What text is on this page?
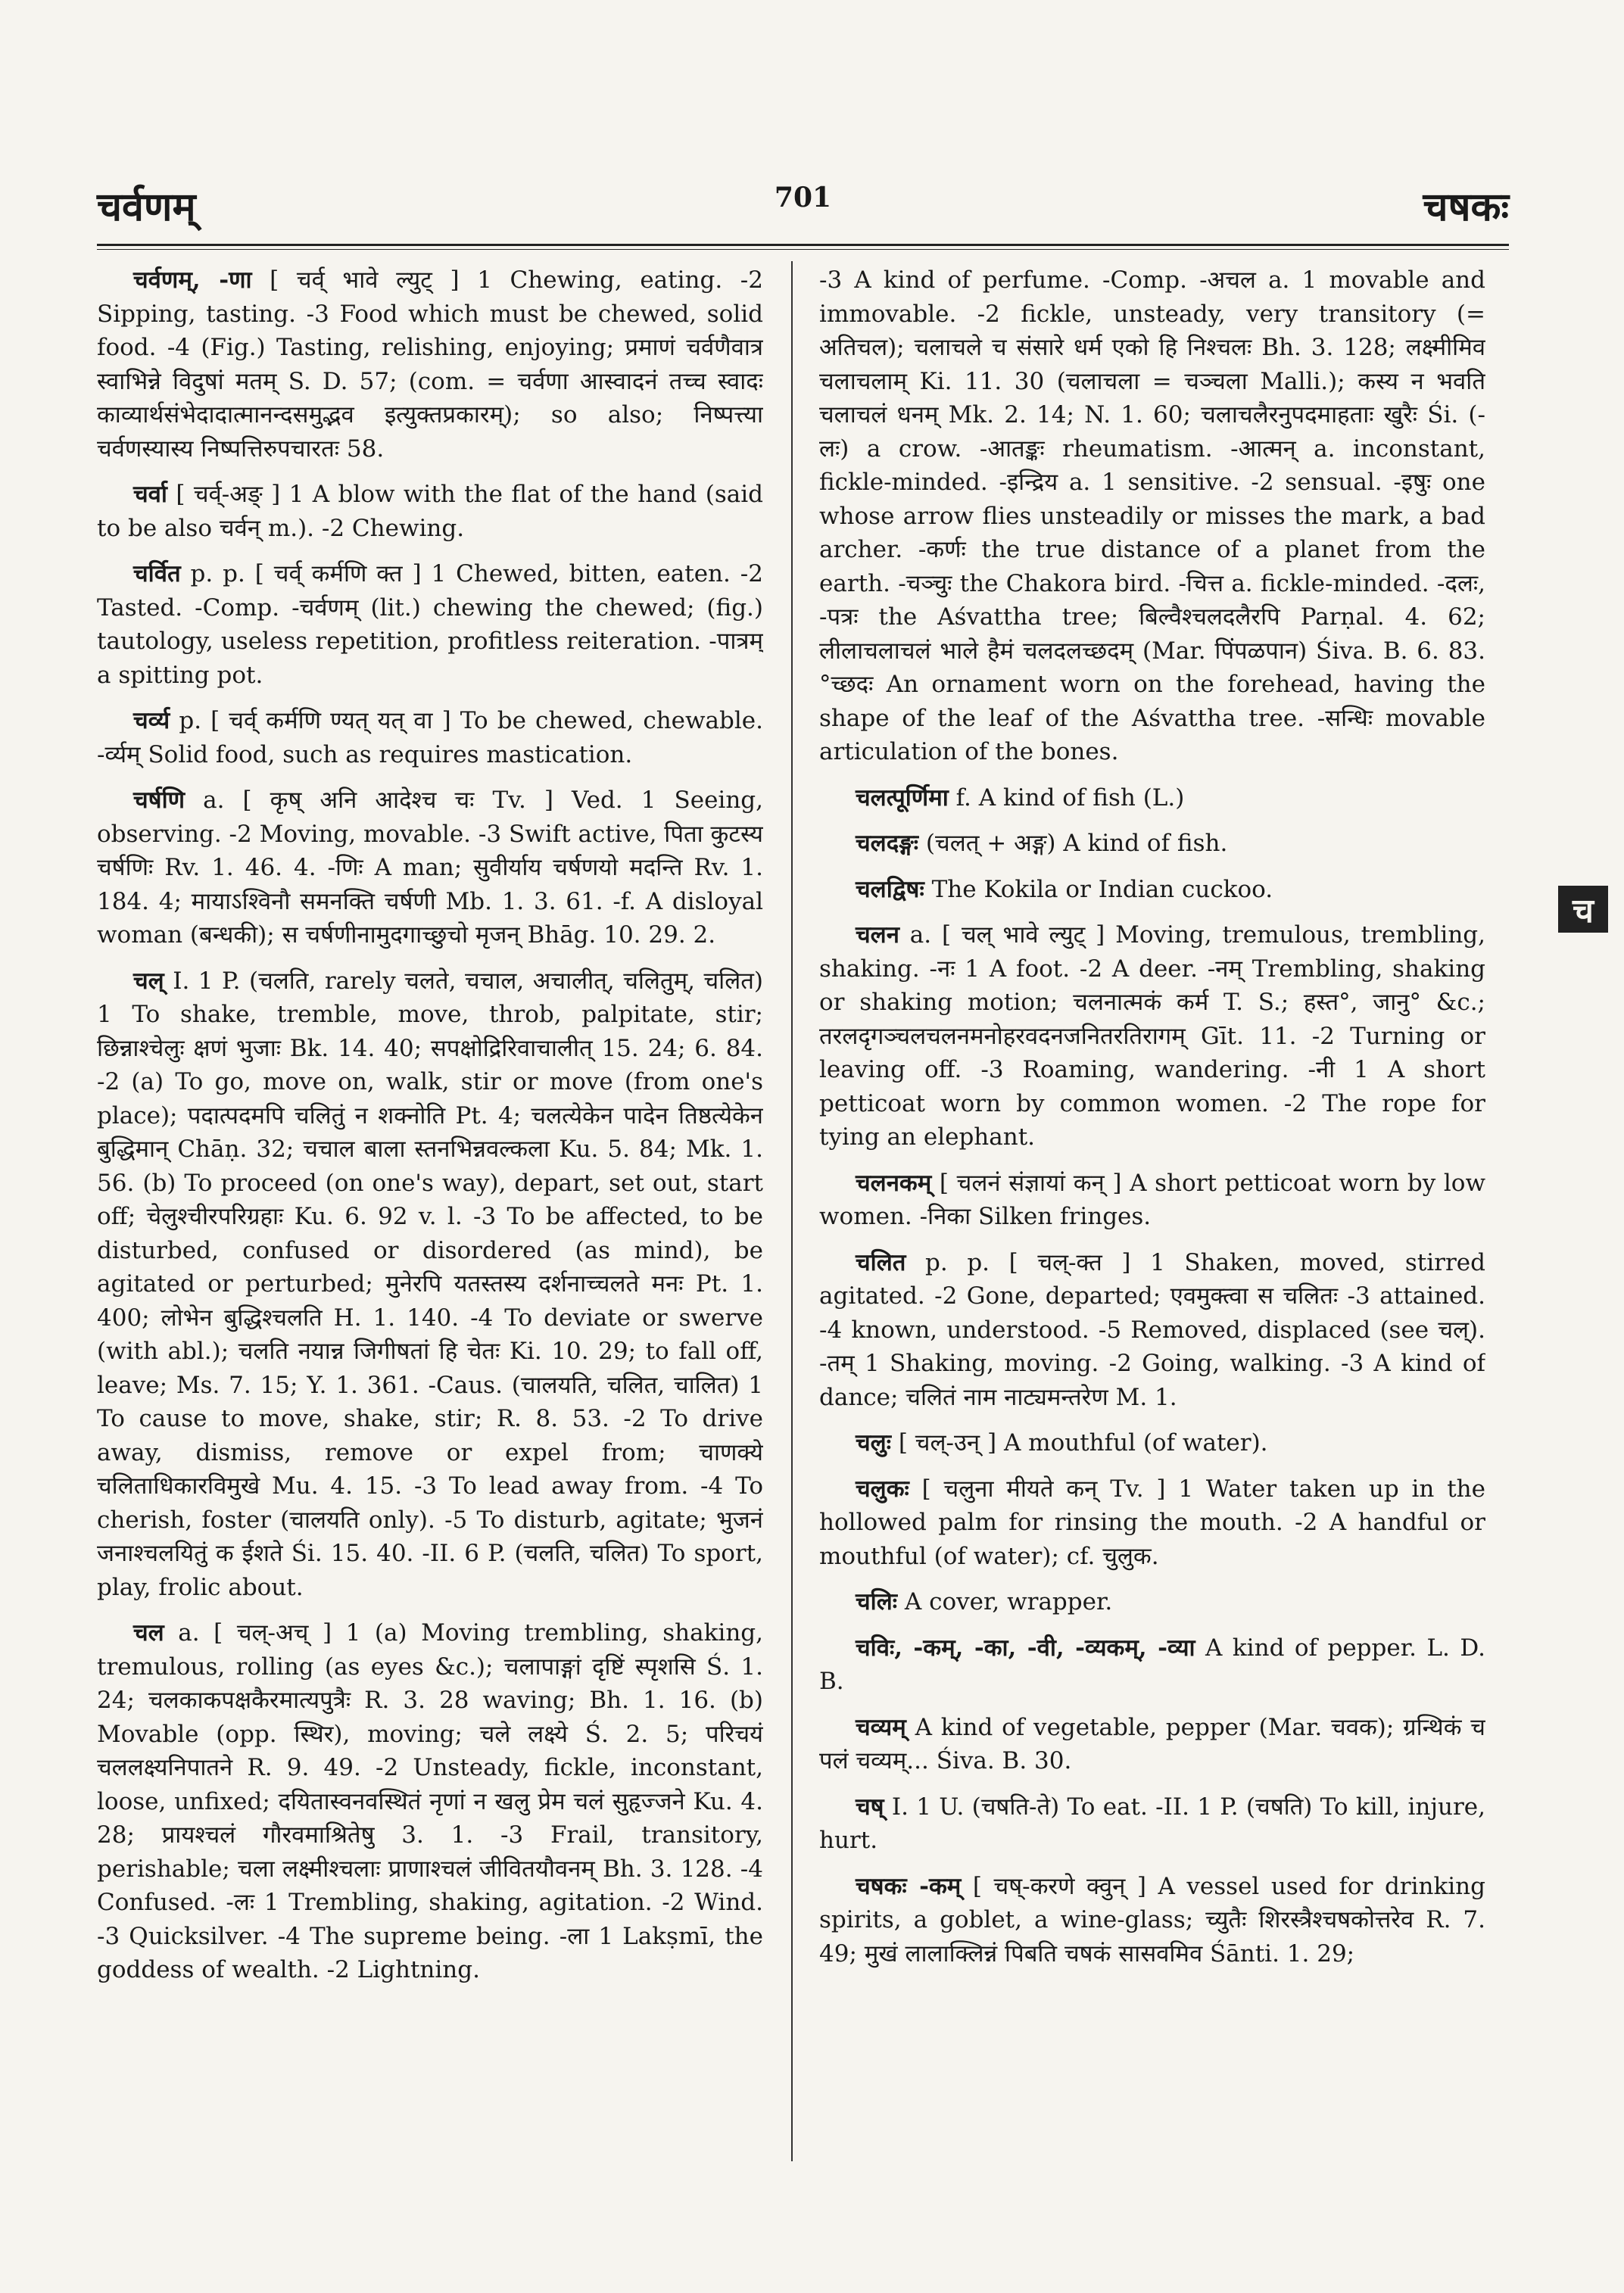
चर्वणम्	701	चषकः

चर्वणम्, -णा [ चर्व् भावे ल्युट् ] 1 Chewing, eating. -2 Sipping, tasting. -3 Food which must be chewed, solid food. -4 (Fig.) Tasting, relishing, enjoying; प्रमाणं चर्वणैवात्र स्वाभिन्ने विदुषां मतम् S. D. 57; (com. = चर्वणा आस्वादनं तच्च स्वादः काव्यार्थसंभेदादात्मानन्दसमुद्भव इत्युक्तप्रकारम्); so also; निष्पत्त्या चर्वणस्यास्य निष्पत्तिरुपचारतः 58.

चर्वा [ चर्व्-अङ् ] 1 A blow with the flat of the hand (said to be also चर्वन् m.). -2 Chewing.

चर्वित p. p. [ चर्व् कर्मणि क्त ] 1 Chewed, bitten, eaten. -2 Tasted. -Comp. -चर्वणम् (lit.) chewing the chewed; (fig.) tautology, useless repetition, profitless reiteration. -पात्रम् a spitting pot.

चर्व्य p. [ चर्व् कर्मणि ण्यत् यत् वा ] To be chewed, chewable. -र्व्यम् Solid food, such as requires mastication.

चर्षणि a. [ कृष् अनि आदेश्च चः Tv. ] Ved. 1 Seeing, observing. -2 Moving, movable. -3 Swift active, पिता कुटस्य चर्षणिः Rv. 1. 46. 4. -णिः A man; सुवीर्याय चर्षणयो मदन्ति Rv. 1. 184. 4; मायाऽश्विनौ समनक्ति चर्षणी Mb. 1. 3. 61. -f. A disloyal woman (बन्धकी); स चर्षणीनामुदगाच्छुचो मृजन् Bhāg. 10. 29. 2.

चल् I. 1 P. (चलति, rarely चलते, चचाल, अचालीत्, चलितुम्, चलित) 1 To shake, tremble, move, throb, palpitate, stir; छिन्नाश्चेलुः क्षणं भुजाः Bk. 14. 40; सपक्षोद्रिरिवाचालीत् 15. 24; 6. 84. -2 (a) To go, move on, walk, stir or move (from one's place); पदात्पदमपि चलितुं न शक्नोति Pt. 4; चलत्येकेन पादेन तिष्ठत्येकेन बुद्धिमान् Chāṇ. 32; चचाल बाला स्तनभिन्नवल्कला Ku. 5. 84; Mk. 1. 56. (b) To proceed (on one's way), depart, set out, start off; चेलुश्चीरपरिग्रहाः Ku. 6. 92 v. l. -3 To be affected, to be disturbed, confused or disordered (as mind), be agitated or perturbed; मुनेरपि यतस्तस्य दर्शनाच्चलते मनः Pt. 1. 400; लोभेन बुद्धिश्चलति H. 1. 140. -4 To deviate or swerve (with abl.); चलति नयान्न जिगीषतां हि चेतः Ki. 10. 29; to fall off, leave; Ms. 7. 15; Y. 1. 361. -Caus. (चालयति, चलित, चालित) 1 To cause to move, shake, stir; R. 8. 53. -2 To drive away, dismiss, remove or expel from; चाणक्ये चलिताधिकारविमुखे Mu. 4. 15. -3 To lead away from. -4 To cherish, foster (चालयति only). -5 To disturb, agitate; भुजनं जनाश्चलयितुं क ईशते Śi. 15. 40. -II. 6 P. (चलति, चलित) To sport, play, frolic about.

चल a. [ चल्-अच् ] 1 (a) Moving trembling, shaking, tremulous, rolling (as eyes &c.); चलापाङ्गां दृष्टिं स्पृशसि Ś. 1. 24; चलकाकपक्षकैरमात्यपुत्रैः R. 3. 28 waving; Bh. 1. 16. (b) Movable (opp. स्थिर), moving; चले लक्ष्ये Ś. 2. 5; परिचयं चललक्ष्यनिपातने R. 9. 49. -2 Unsteady, fickle, inconstant, loose, unfixed; दयितास्वनवस्थितं नृणां न खलु प्रेम चलं सुहृज्जने Ku. 4. 28; प्रायश्चलं गौरवमाश्रितेषु 3. 1. -3 Frail, transitory, perishable; चला लक्ष्मीश्चलाः प्राणाश्चलं जीवितयौवनम् Bh. 3. 128. -4 Confused. -लः 1 Trembling, shaking, agitation. -2 Wind. -3 Quicksilver. -4 The supreme being. -ला 1 Lakṣmī, the goddess of wealth. -2 Lightning.

-3 A kind of perfume. -Comp. -अचल a. 1 movable and immovable. -2 fickle, unsteady, very transitory (= अतिचल); चलाचले च संसारे धर्म एको हि निश्चलः Bh. 3. 128; लक्ष्मीमिव चलाचलाम् Ki. 11. 30 (चलाचला = चञ्चला Malli.); कस्य न भवति चलाचलं धनम् Mk. 2. 14; N. 1. 60; चलाचलैरनुपदमाहताः खुरैः Śi. (-लः) a crow. -आतङ्कः rheumatism. -आत्मन् a. inconstant, fickle-minded. -इन्द्रिय a. 1 sensitive. -2 sensual. -इषुः one whose arrow flies unsteadily or misses the mark, a bad archer. -कर्णः the true distance of a planet from the earth. -चञ्चुः the Chakora bird. -चित्त a. fickle-minded. -दलः, -पत्रः the Aśvattha tree; बिल्वैश्चलदलैरपि Parṇal. 4. 62; लीलाचलाचलं भाले हैमं चलदलच्छदम् (Mar. पिंपळपान) Śiva. B. 6. 83. °च्छदः An ornament worn on the forehead, having the shape of the leaf of the Aśvattha tree. -सन्धिः movable articulation of the bones.

चलत्पूर्णिमा f. A kind of fish (L.)

चलदङ्गः (चलत् + अङ्ग) A kind of fish.

चलद्विषः The Kokila or Indian cuckoo.

चलन a. [ चल् भावे ल्युट् ] Moving, tremulous, trembling, shaking. -नः 1 A foot. -2 A deer. -नम् Trembling, shaking or shaking motion; चलनात्मकं कर्म T. S.; हस्त°, जानु° &c.; तरलदृगञ्चलचलनमनोहरवदनजनितरतिरागम् Gīt. 11. -2 Turning or leaving off. -3 Roaming, wandering. -नी 1 A short petticoat worn by common women. -2 The rope for tying an elephant.

चलनकम् [ चलनं संज्ञायां कन् ] A short petticoat worn by low women. -निका Silken fringes.

चलित p. p. [ चल्-क्त ] 1 Shaken, moved, stirred agitated. -2 Gone, departed; एवमुक्त्वा स चलितः -3 attained. -4 known, understood. -5 Removed, displaced (see चल्). -तम् 1 Shaking, moving. -2 Going, walking. -3 A kind of dance; चलितं नाम नाट्यमन्तरेण M. 1.

चलुः [ चल्-उन् ] A mouthful (of water).

चलुकः [ चलुना मीयते कन् Tv. ] 1 Water taken up in the hollowed palm for rinsing the mouth. -2 A handful or mouthful (of water); cf. चुलुक.

चलिः A cover, wrapper.

चविः, -कम्, -का, -वी, -व्यकम्, -व्या A kind of pepper. L. D. B.

चव्यम् A kind of vegetable, pepper (Mar. चवक); ग्रन्थिकं च पलं चव्यम्... Śiva. B. 30.

चष् I. 1 U. (चषति-ते) To eat. -II. 1 P. (चषति) To kill, injure, hurt.

चषकः -कम् [ चष्-करणे क्वुन् ] A vessel used for drinking spirits, a goblet, a wine-glass; च्युतैः शिरस्त्रैश्चषकोत्तरेव R. 7. 49; मुखं लालाक्लिन्नं पिबति चषकं सासवमिव Śānti. 1. 29;

च
